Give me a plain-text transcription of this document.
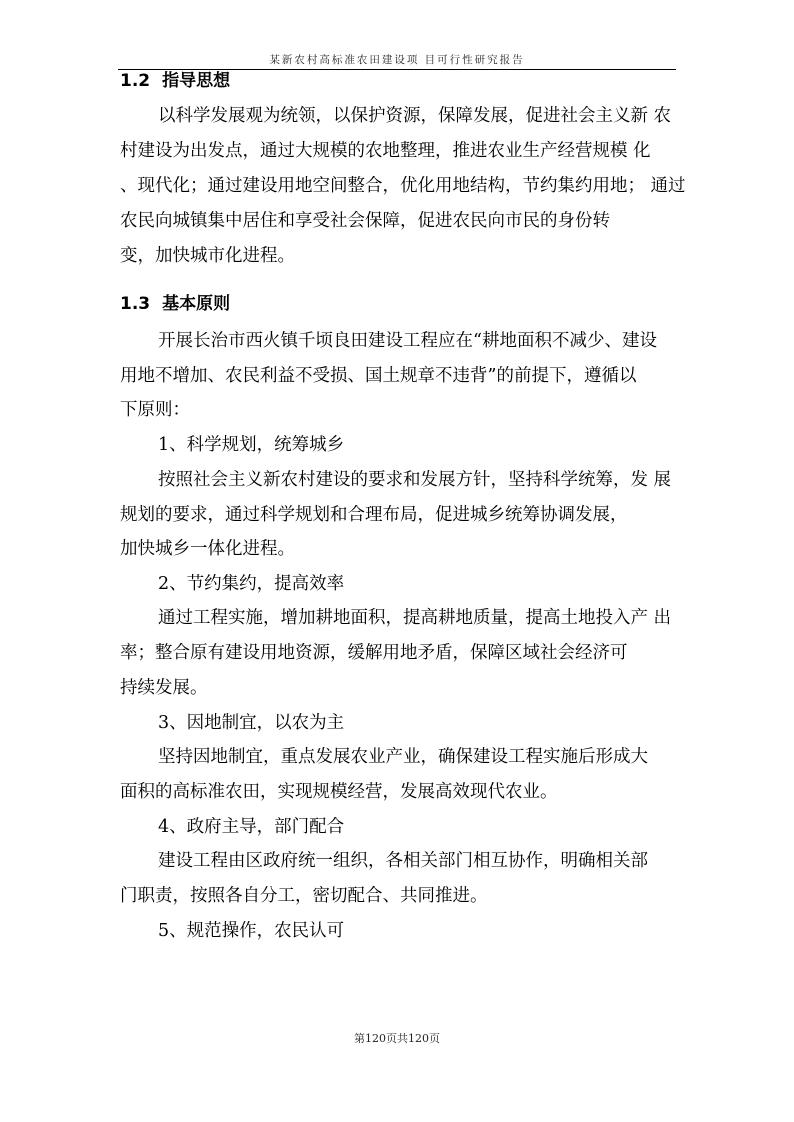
某新农村高标准农田建设项 目可行性研究报告
1.2 指导思想
以科学发展观为统领，以保护资源，保障发展，促进社会主义新 农
村建设为出发点，通过大规模的农地整理，推进农业生产经营规模 化
、现代化；通过建设用地空间整合，优化用地结构，节约集约用地； 通过
农民向城镇集中居住和享受社会保障，促进农民向市民的身份转
变，加快城市化进程。
1.3 基本原则
开展长治市西火镇千顷良田建设工程应在“耕地面积不减少、建设
用地不增加、农民利益不受损、国土规章不违背”的前提下，遵循以
下原则：
1、科学规划，统筹城乡
按照社会主义新农村建设的要求和发展方针，坚持科学统筹，发 展
规划的要求，通过科学规划和合理布局，促进城乡统筹协调发展，
加快城乡一体化进程。
2、节约集约，提高效率
通过工程实施，增加耕地面积，提高耕地质量，提高土地投入产 出
率；整合原有建设用地资源，缓解用地矛盾，保障区域社会经济可
持续发展。
3、因地制宜，以农为主
坚持因地制宜，重点发展农业产业，确保建设工程实施后形成大
面积的高标准农田，实现规模经营，发展高效现代农业。
4、政府主导，部门配合
建设工程由区政府统一组织，各相关部门相互协作，明确相关部
门职责，按照各自分工，密切配合、共同推进。
5、规范操作，农民认可
第120页共120页
